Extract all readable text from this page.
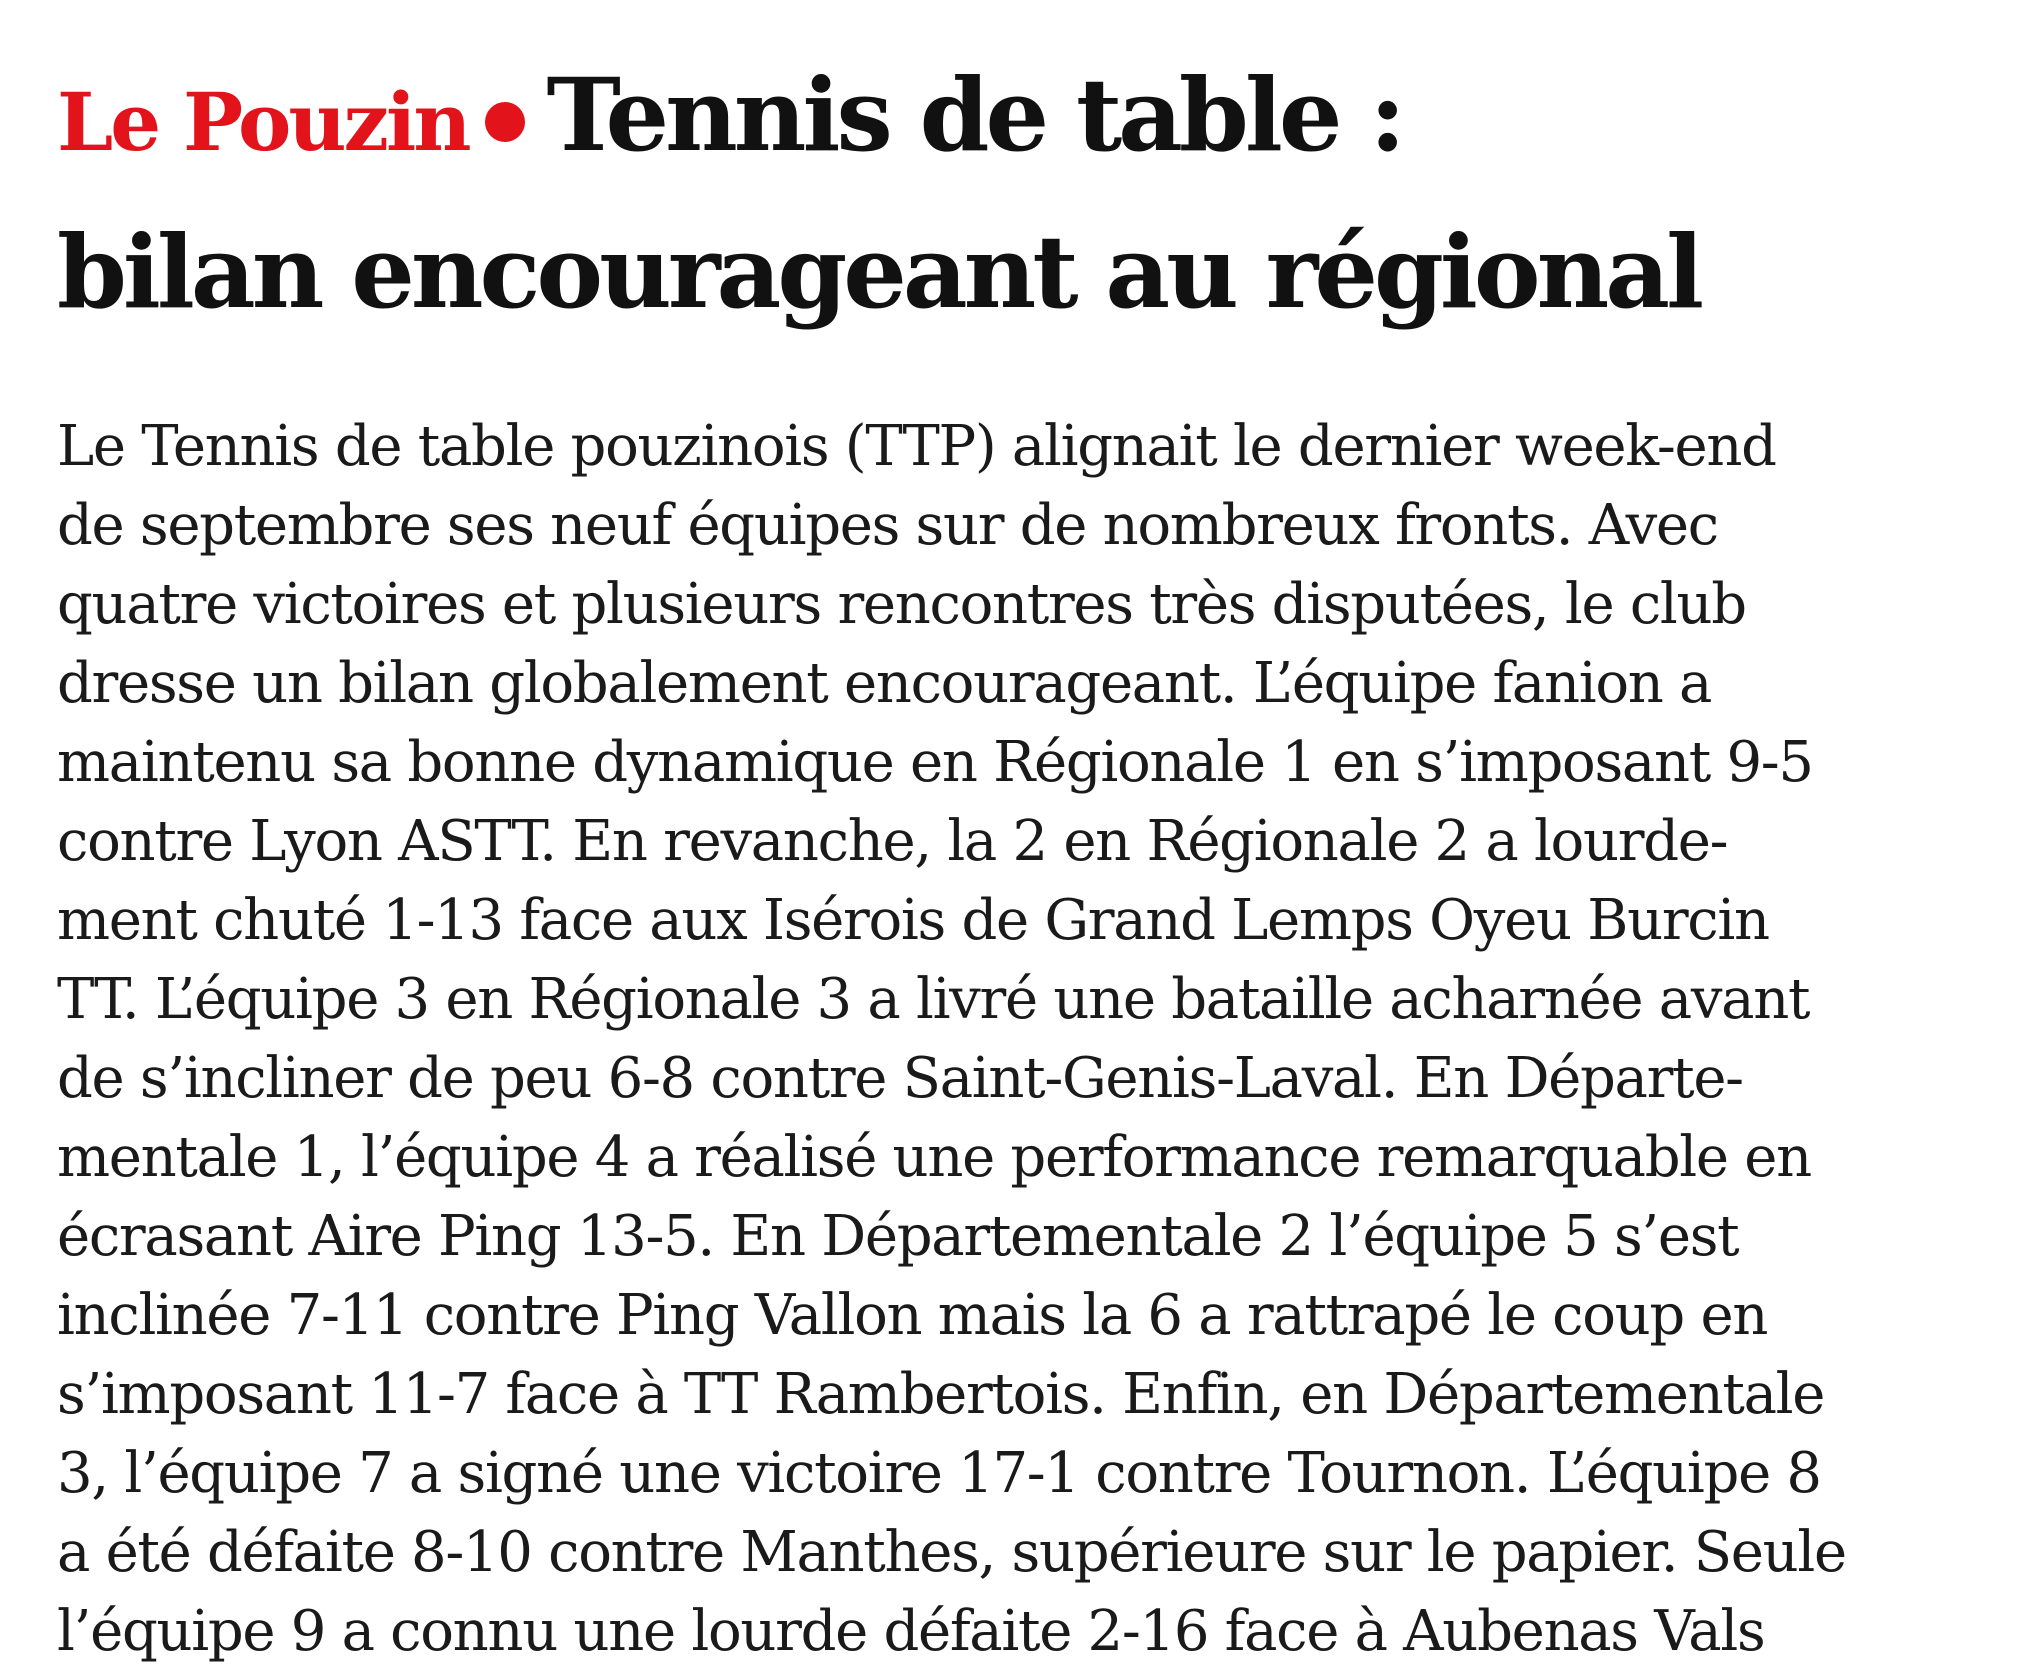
Le Pouzin Tennis de table :
bilan encourageant au régional
Le Tennis de table pouzinois (TTP) alignait le dernier week-end
de septembre ses neuf équipes sur de nombreux fronts. Avec
quatre victoires et plusieurs rencontres très disputées, le club
dresse un bilan globalement encourageant. L’équipe fanion a
maintenu sa bonne dynamique en Régionale 1 en s’imposant 9-5
contre Lyon ASTT. En revanche, la 2 en Régionale 2 a lourde-
ment chuté 1-13 face aux Isérois de Grand Lemps Oyeu Burcin
TT. L’équipe 3 en Régionale 3 a livré une bataille acharnée avant
de s’incliner de peu 6-8 contre Saint-Genis-Laval. En Départe-
mentale 1, l’équipe 4 a réalisé une performance remarquable en
écrasant Aire Ping 13-5. En Départementale 2 l’équipe 5 s’est
inclinée 7-11 contre Ping Vallon mais la 6 a rattrapé le coup en
s’imposant 11-7 face à TT Rambertois. Enfin, en Départementale
3, l’équipe 7 a signé une victoire 17-1 contre Tournon. L’équipe 8
a été défaite 8-10 contre Manthes, supérieure sur le papier. Seule
l’équipe 9 a connu une lourde défaite 2-16 face à Aubenas Vals
